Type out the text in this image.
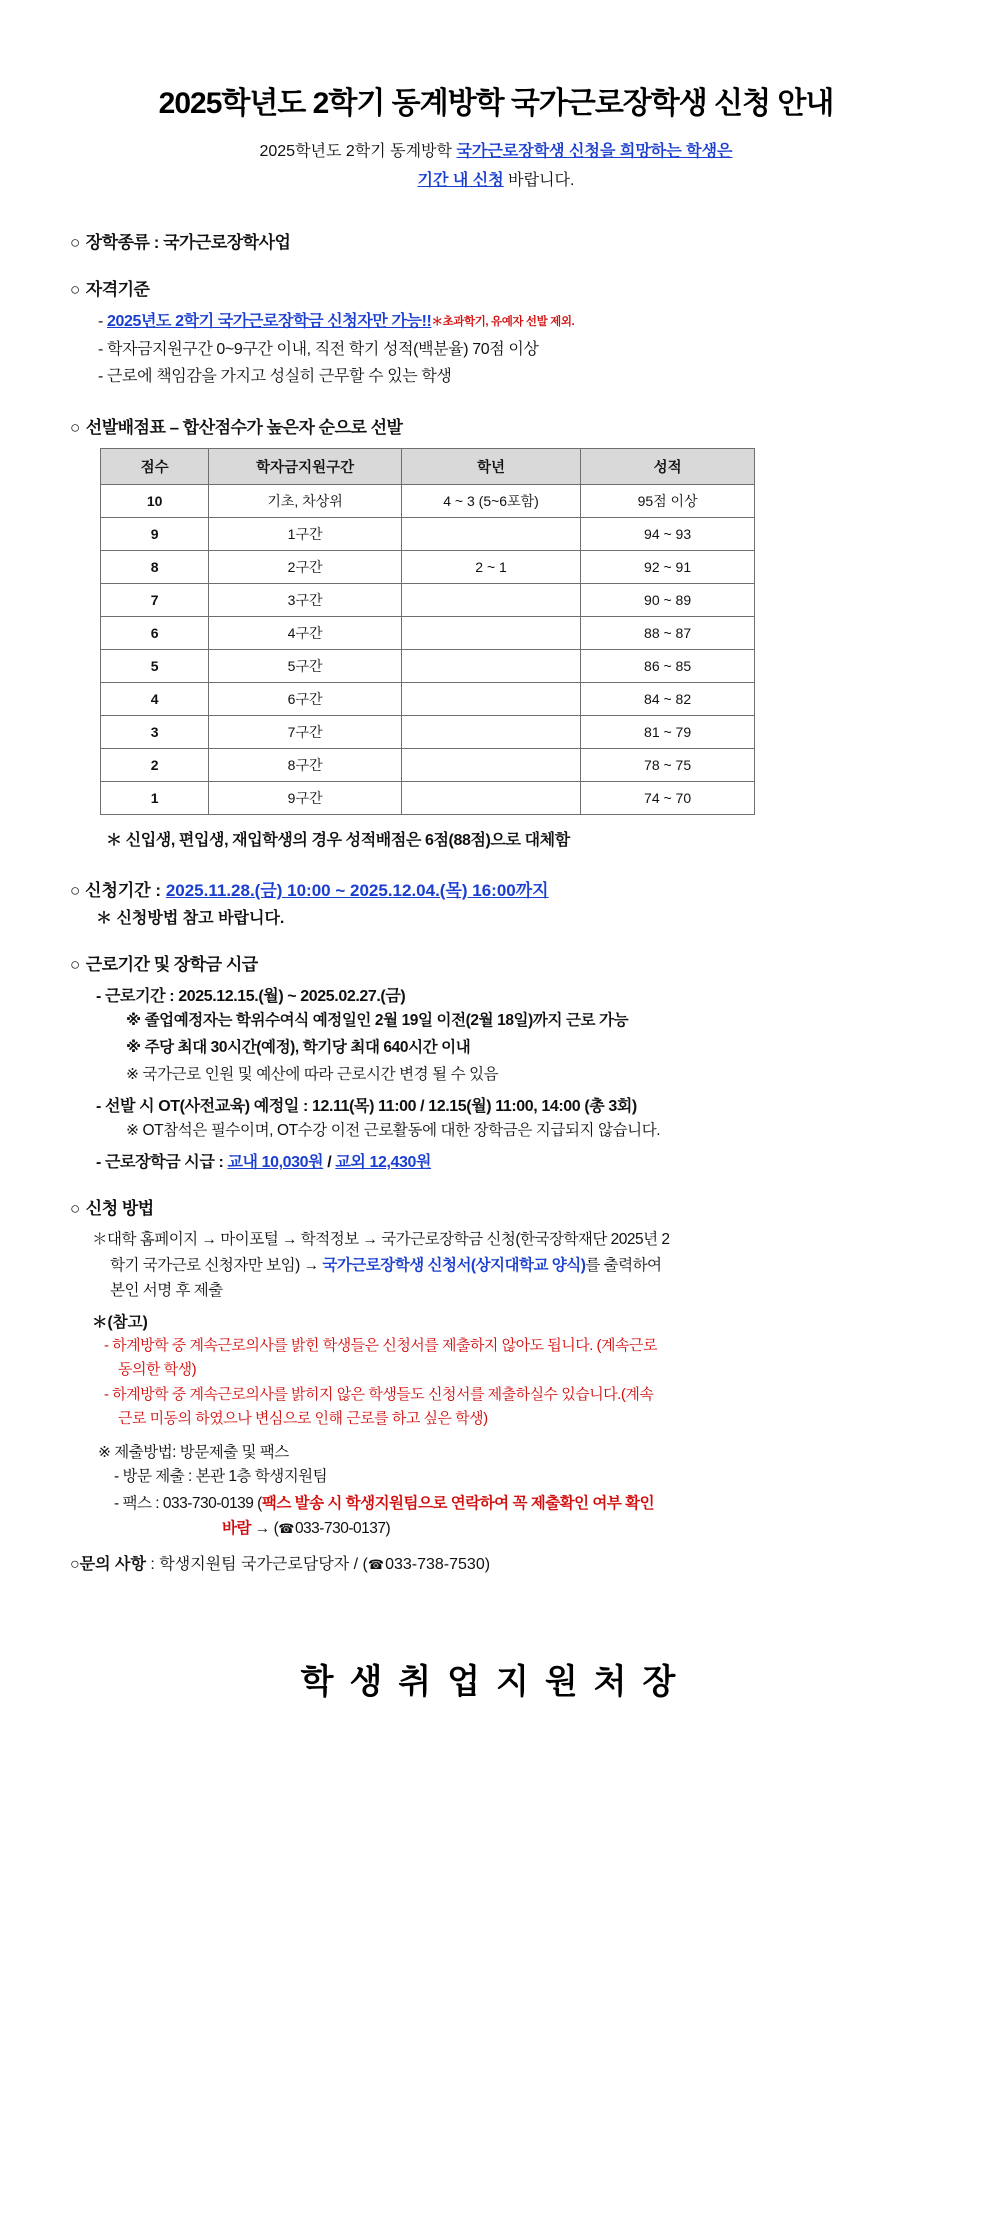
2025학년도 2학기 동계방학 국가근로장학생 신청 안내
2025학년도 2학기 동계방학 국가근로장학생 신청을 희망하는 학생은
기간 내 신청 바랍니다.
○ 장학종류 : 국가근로장학사업
○ 자격기준
- 2025년도 2학기 국가근로장학금 신청자만 가능!!＊초과학기, 유예자 선발 제외.
- 학자금지원구간 0~9구간 이내, 직전 학기 성적(백분율) 70점 이상
- 근로에 책임감을 가지고 성실히 근무할 수 있는 학생
○ 선발배점표 – 합산점수가 높은자 순으로 선발
점수	학자금지원구간	학년	성적
10	기초, 차상위	4 ~ 3 (5~6포함)	95점 이상
9	1구간		94 ~ 93
8	2구간	2 ~ 1	92 ~ 91
7	3구간		90 ~ 89
6	4구간		88 ~ 87
5	5구간		86 ~ 85
4	6구간		84 ~ 82
3	7구간		81 ~ 79
2	8구간		78 ~ 75
1	9구간		74 ~ 70
＊ 신입생, 편입생, 재입학생의 경우 성적배점은 6점(88점)으로 대체함
○ 신청기간 : 2025.11.28.(금) 10:00 ~ 2025.12.04.(목) 16:00까지
＊ 신청방법 참고 바랍니다.
○ 근로기간 및 장학금 시급
- 근로기간 : 2025.12.15.(월) ~ 2025.02.27.(금)
※ 졸업예정자는 학위수여식 예정일인 2월 19일 이전(2월 18일)까지 근로 가능
※ 주당 최대 30시간(예정), 학기당 최대 640시간 이내
※ 국가근로 인원 및 예산에 따라 근로시간 변경 될 수 있음
- 선발 시 OT(사전교육) 예정일 : 12.11(목) 11:00 / 12.15(월) 11:00, 14:00 (총 3회)
※ OT참석은 필수이며, OT수강 이전 근로활동에 대한 장학금은 지급되지 않습니다.
- 근로장학금 시급 : 교내 10,030원 / 교외 12,430원
○ 신청 방법
＊대학 홈페이지 → 마이포털 → 학적정보 → 국가근로장학금 신청(한국장학재단 2025년 2
학기 국가근로 신청자만 보임) → 국가근로장학생 신청서(상지대학교 양식)를 출력하여
본인 서명 후 제출
＊(참고)
- 하계방학 중 계속근로의사를 밝힌 학생들은 신청서를 제출하지 않아도 됩니다. (계속근로
동의한 학생)
- 하계방학 중 계속근로의사를 밝히지 않은 학생들도 신청서를 제출하실수 있습니다.(계속
근로 미동의 하였으나 변심으로 인해 근로를 하고 싶은 학생)
※ 제출방법: 방문제출 및 팩스
- 방문 제출 : 본관 1층 학생지원팀
- 팩스 : 033-730-0139 (팩스 발송 시 학생지원팀으로 연락하여 꼭 제출확인 여부 확인
바람 → ( ☎ 033-730-0137)
○문의 사항 : 학생지원팀 국가근로담당자 / ( ☎ 033-738-7530)
학생취업지원처장
